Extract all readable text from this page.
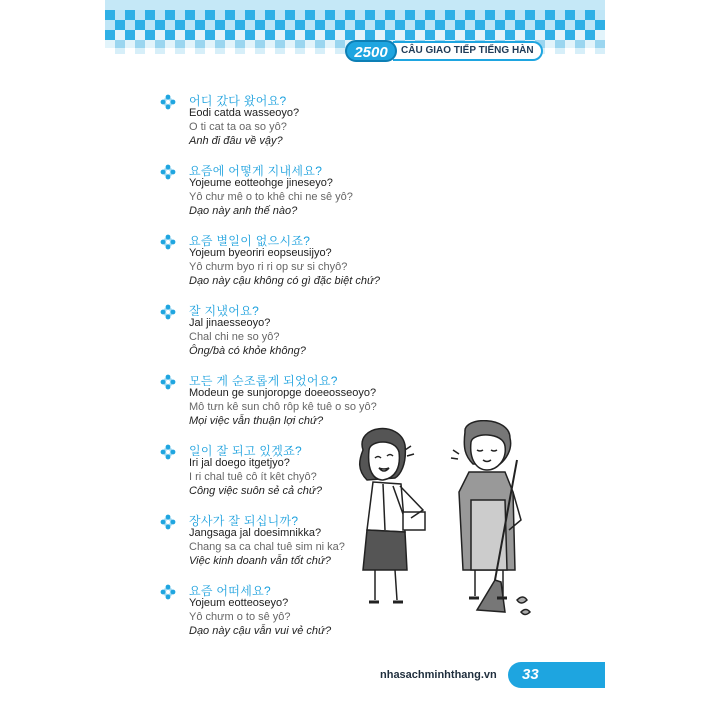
CÂU GIAO TIẾP TIẾNG HÀN
2500
어디 갔다 왔어요?
Eodi catda wasseoyo?
O ti cat ta oa so yô?
Anh đi đâu về vậy?
요즘에 어떻게 지내세요?
Yojeume eotteohge jineseyo?
Yô chư mê o to khê chi ne sê yô?
Dạo này anh thế nào?
요즘 별일이 없으시죠?
Yojeum byeoriri eopseusijyo?
Yô chưm byo ri ri op sư si chyô?
Dạo này cậu không có gì đặc biệt chứ?
잘 지냈어요?
Jal jinaesseoyo?
Chal chi ne so yô?
Ông/bà có khỏe không?
모든 게 순조롭게 되었어요?
Modeun ge sunjoropge doeeosseoyo?
Mô tưn kê sun chô rôp kê tuê o so yô?
Mọi việc vẫn thuận lợi chứ?
일이 잘 되고 있겠죠?
Iri jal doego itgetjyo?
I ri chal tuê cô ít kêt chyô?
Công việc suôn sẻ cả chứ?
장사가 잘 되십니까?
Jangsaga jal doesimnikka?
Chang sa ca chal tuê sim ni ka?
Việc kinh doanh vẫn tốt chứ?
요즘 어떠세요?
Yojeum eotteoseyo?
Yô chưm o to sê yô?
Dạo này cậu vẫn vui vẻ chứ?
nhasachminhthang.vn	33
